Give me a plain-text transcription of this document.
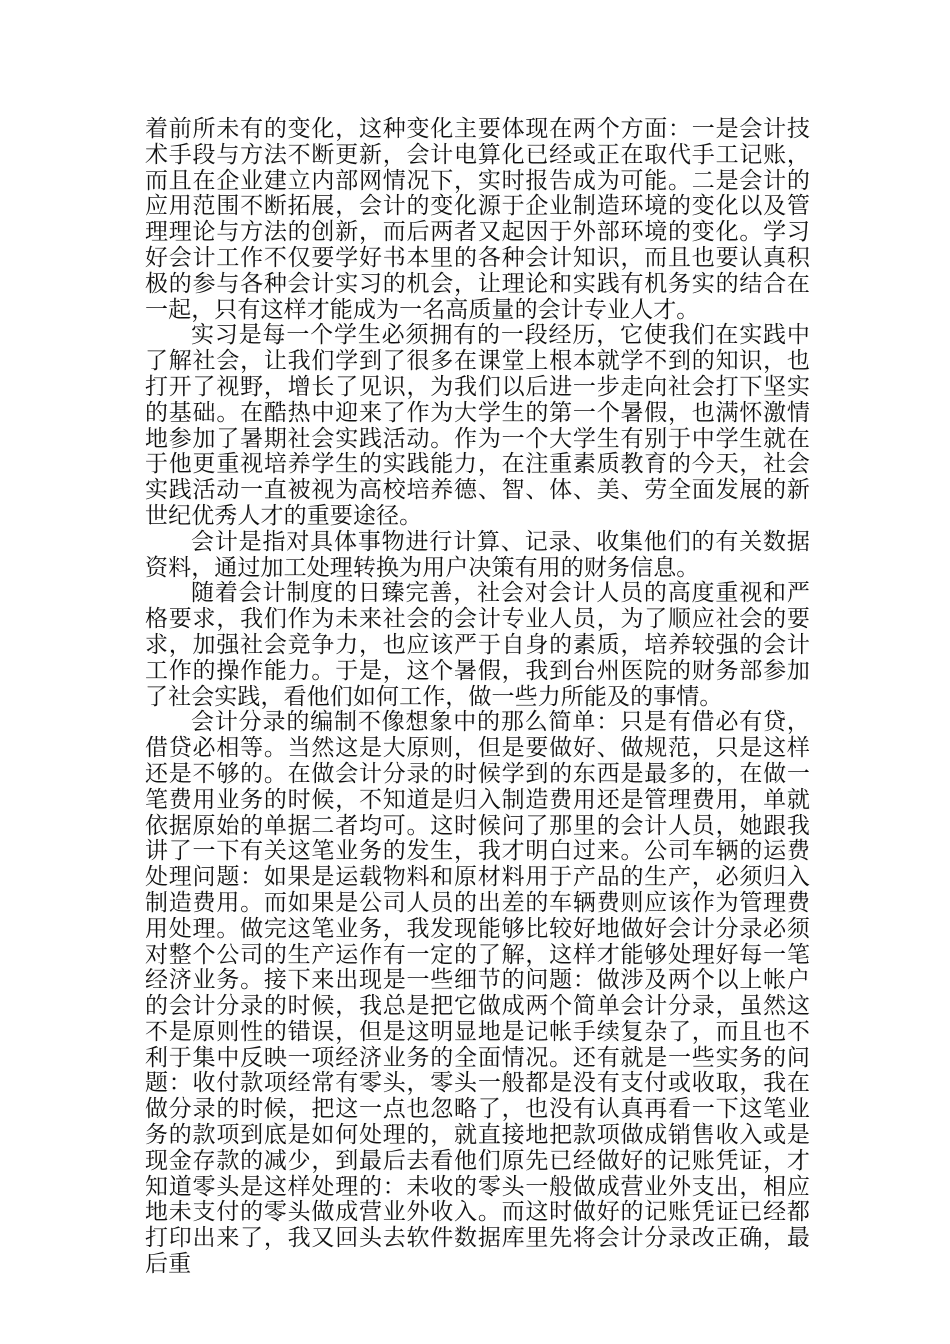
着前所未有的变化，这种变化主要体现在两个方面：一是会计技术手段与方法不断更新，会计电算化已经或正在取代手工记账，而且在企业建立内部网情况下，实时报告成为可能。二是会计的应用范围不断拓展，会计的变化源于企业制造环境的变化以及管理理论与方法的创新，而后两者又起因于外部环境的变化。学习好会计工作不仅要学好书本里的各种会计知识，而且也要认真积极的参与各种会计实习的机会，让理论和实践有机务实的结合在一起，只有这样才能成为一名高质量的会计专业人才。

实习是每一个学生必须拥有的一段经历，它使我们在实践中了解社会，让我们学到了很多在课堂上根本就学不到的知识，也打开了视野，增长了见识，为我们以后进一步走向社会打下坚实的基础。在酷热中迎来了作为大学生的第一个暑假，也满怀激情地参加了暑期社会实践活动。作为一个大学生有别于中学生就在于他更重视培养学生的实践能力，在注重素质教育的今天，社会实践活动一直被视为高校培养德、智、体、美、劳全面发展的新世纪优秀人才的重要途径。

会计是指对具体事物进行计算、记录、收集他们的有关数据资料，通过加工处理转换为用户决策有用的财务信息。

随着会计制度的日臻完善，社会对会计人员的高度重视和严格要求，我们作为未来社会的会计专业人员，为了顺应社会的要求，加强社会竞争力，也应该严于自身的素质，培养较强的会计工作的操作能力。于是，这个暑假，我到台州医院的财务部参加了社会实践，看他们如何工作，做一些力所能及的事情。

会计分录的编制不像想象中的那么简单：只是有借必有贷，借贷必相等。当然这是大原则，但是要做好、做规范，只是这样还是不够的。在做会计分录的时候学到的东西是最多的，在做一笔费用业务的时候，不知道是归入制造费用还是管理费用，单就依据原始的单据二者均可。这时候问了那里的会计人员，她跟我讲了一下有关这笔业务的发生，我才明白过来。公司车辆的运费处理问题：如果是运载物料和原材料用于产品的生产，必须归入制造费用。而如果是公司人员的出差的车辆费则应该作为管理费用处理。做完这笔业务，我发现能够比较好地做好会计分录必须对整个公司的生产运作有一定的了解，这样才能够处理好每一笔经济业务。接下来出现是一些细节的问题：做涉及两个以上帐户的会计分录的时候，我总是把它做成两个简单会计分录，虽然这不是原则性的错误，但是这明显地是记帐手续复杂了，而且也不利于集中反映一项经济业务的全面情况。还有就是一些实务的问题：收付款项经常有零头，零头一般都是没有支付或收取，我在做分录的时候，把这一点也忽略了，也没有认真再看一下这笔业务的款项到底是如何处理的，就直接地把款项做成销售收入或是现金存款的减少，到最后去看他们原先已经做好的记账凭证，才知道零头是这样处理的：未收的零头一般做成营业外支出，相应地未支付的零头做成营业外收入。而这时做好的记账凭证已经都打印出来了，我又回头去软件数据库里先将会计分录改正确，最后重
